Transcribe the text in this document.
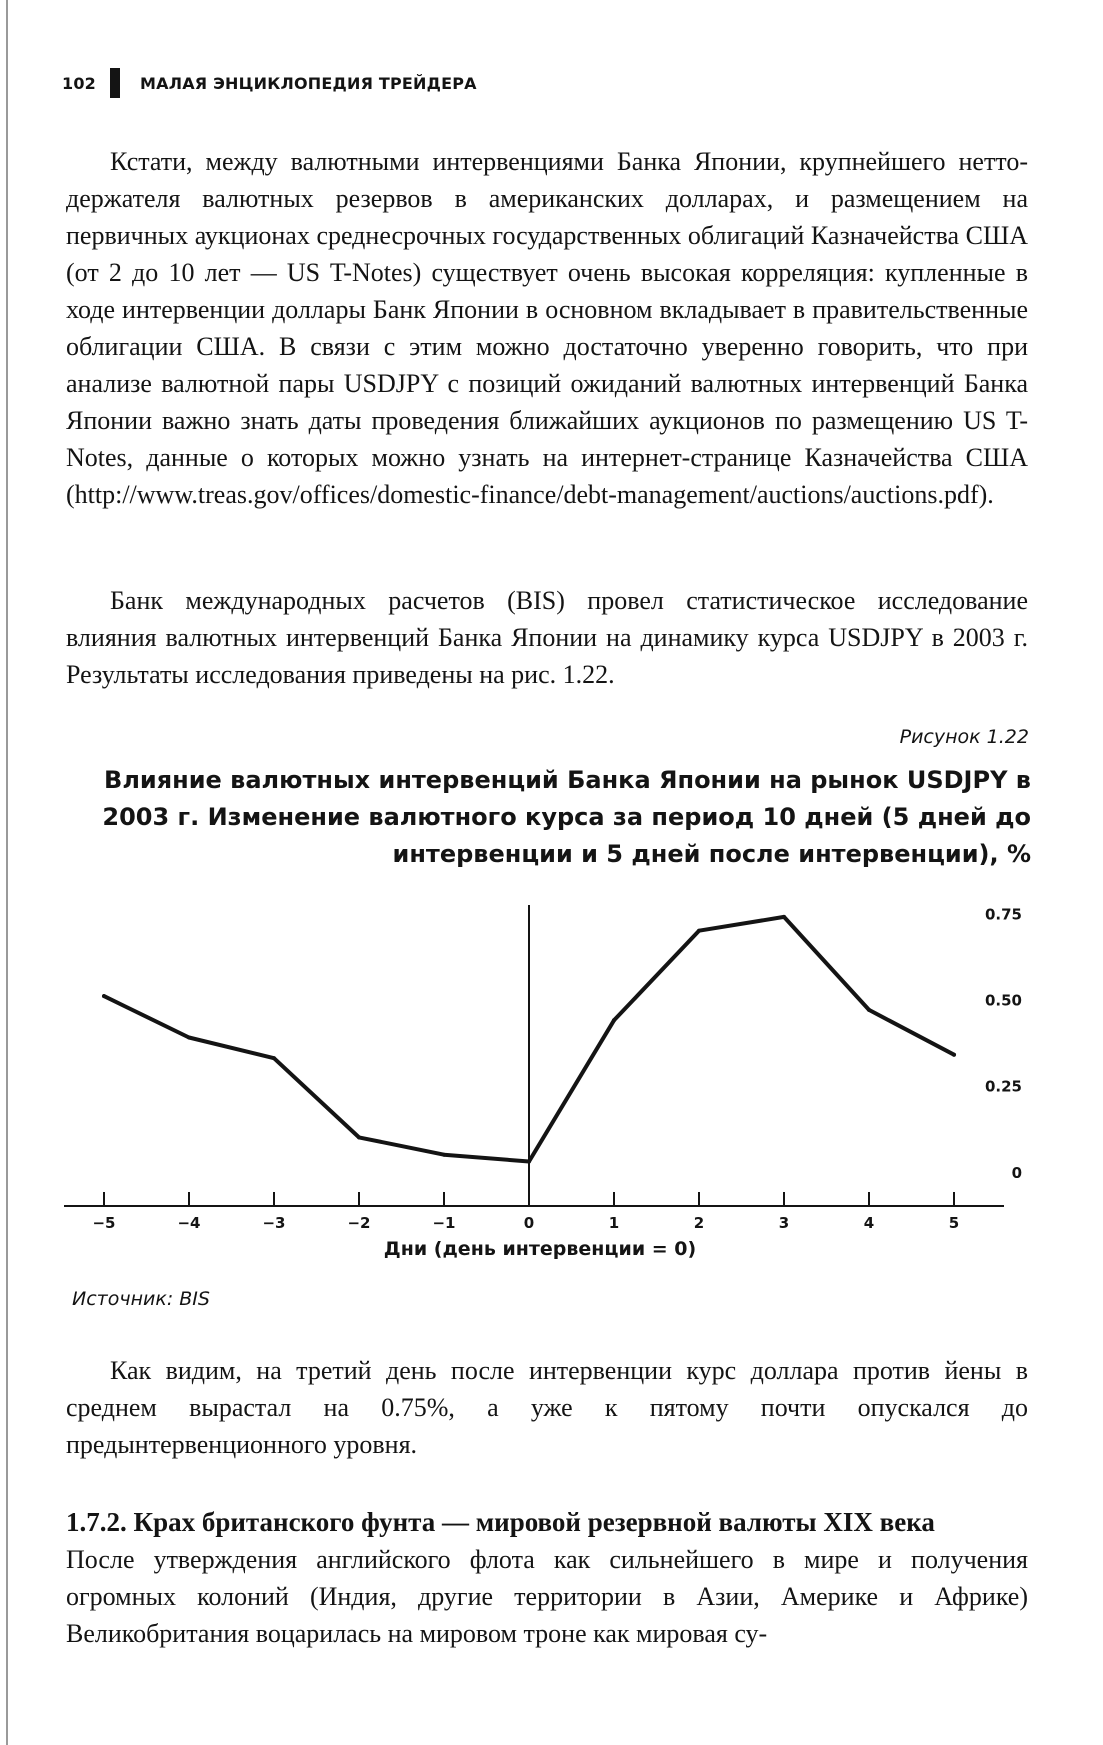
102	МАЛАЯ ЭНЦИКЛОПЕДИЯ ТРЕЙДЕРА

Кстати, между валютными интервенциями Банка Японии, крупнейшего нетто-держателя валютных резервов в американских долларах, и размещением на первичных аукционах среднесрочных государственных облигаций Казначейства США (от 2 до 10 лет — US T-Notes) существует очень высокая корреляция: купленные в ходе интервенции доллары Банк Японии в основном вкладывает в правительственные облигации США. В связи с этим можно достаточно уверенно говорить, что при анализе валютной пары USDJPY с позиций ожиданий валютных интервенций Банка Японии важно знать даты проведения ближайших аукционов по размещению US T-Notes, данные о которых можно узнать на интернет-странице Казначейства США (http://www.treas.gov/offices/domestic-finance/debt-management/auctions/auctions.pdf).

Банк международных расчетов (BIS) провел статистическое исследование влияния валютных интервенций Банка Японии на динамику курса USDJPY в 2003 г. Результаты исследования приведены на рис. 1.22.

Рисунок 1.22
Влияние валютных интервенций Банка Японии на рынок USDJPY в 2003 г. Изменение валютного курса за период 10 дней (5 дней до интервенции и 5 дней после интервенции), %
−5	−4	−3	−2	−1	0	1	2	3	4	5
0
0.25
0.50
0.75
Дни (день интервенции = 0)
Источник: BIS

Как видим, на третий день после интервенции курс доллара против йены в среднем вырастал на 0.75%, а уже к пятому почти опускался до предынтервенционного уровня.

1.7.2. Крах британского фунта — мировой резервной валюты XIX века

После утверждения английского флота как сильнейшего в мире и получения огромных колоний (Индия, другие территории в Азии, Америке и Африке) Великобритания воцарилась на мировом троне как мировая су-
